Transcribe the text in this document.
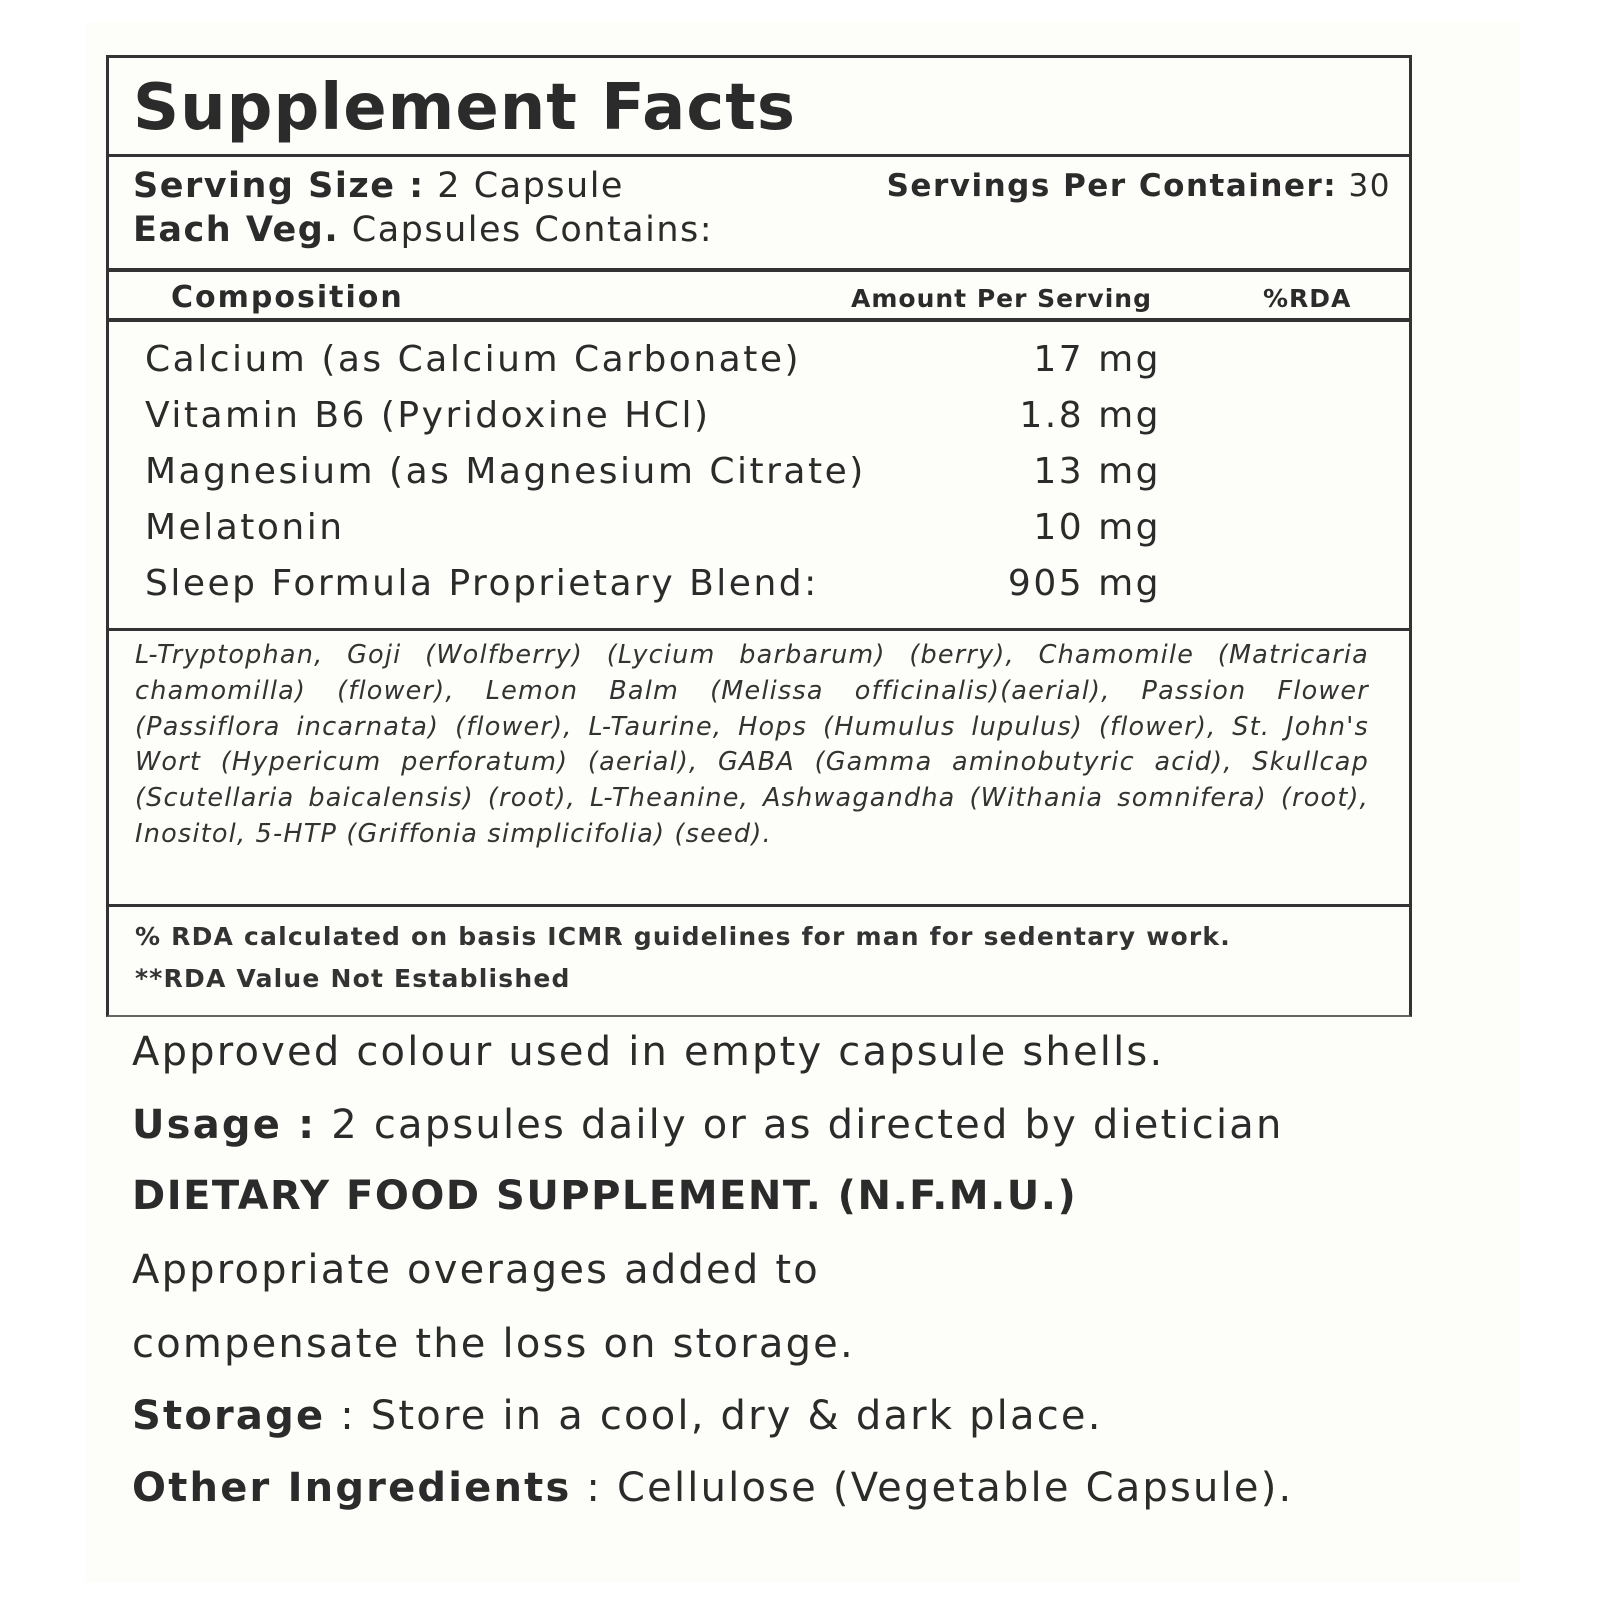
Supplement Facts
Serving Size : 2 Capsule	Servings Per Container: 30
Each Veg. Capsules Contains:
Composition	Amount Per Serving	%RDA
Calcium (as Calcium Carbonate)	17 mg
Vitamin B6 (Pyridoxine HCl)	1.8 mg
Magnesium (as Magnesium Citrate)	13 mg
Melatonin	10 mg
Sleep Formula Proprietary Blend:	905 mg
L-Tryptophan, Goji (Wolfberry) (Lycium barbarum) (berry), Chamomile (Matricaria chamomilla) (flower), Lemon Balm (Melissa officinalis)(aerial), Passion Flower (Passiflora incarnata) (flower), L-Taurine, Hops (Humulus lupulus) (flower), St. John's Wort (Hypericum perforatum) (aerial), GABA (Gamma aminobutyric acid), Skullcap (Scutellaria baicalensis) (root), L-Theanine, Ashwagandha (Withania somnifera) (root), Inositol, 5-HTP (Griffonia simplicifolia) (seed).
% RDA calculated on basis ICMR guidelines for man for sedentary work.
**RDA Value Not Established
Approved colour used in empty capsule shells.
Usage : 2 capsules daily or as directed by dietician
DIETARY FOOD SUPPLEMENT. (N.F.M.U.)
Appropriate overages added to
compensate the loss on storage.
Storage : Store in a cool, dry & dark place.
Other Ingredients : Cellulose (Vegetable Capsule).
